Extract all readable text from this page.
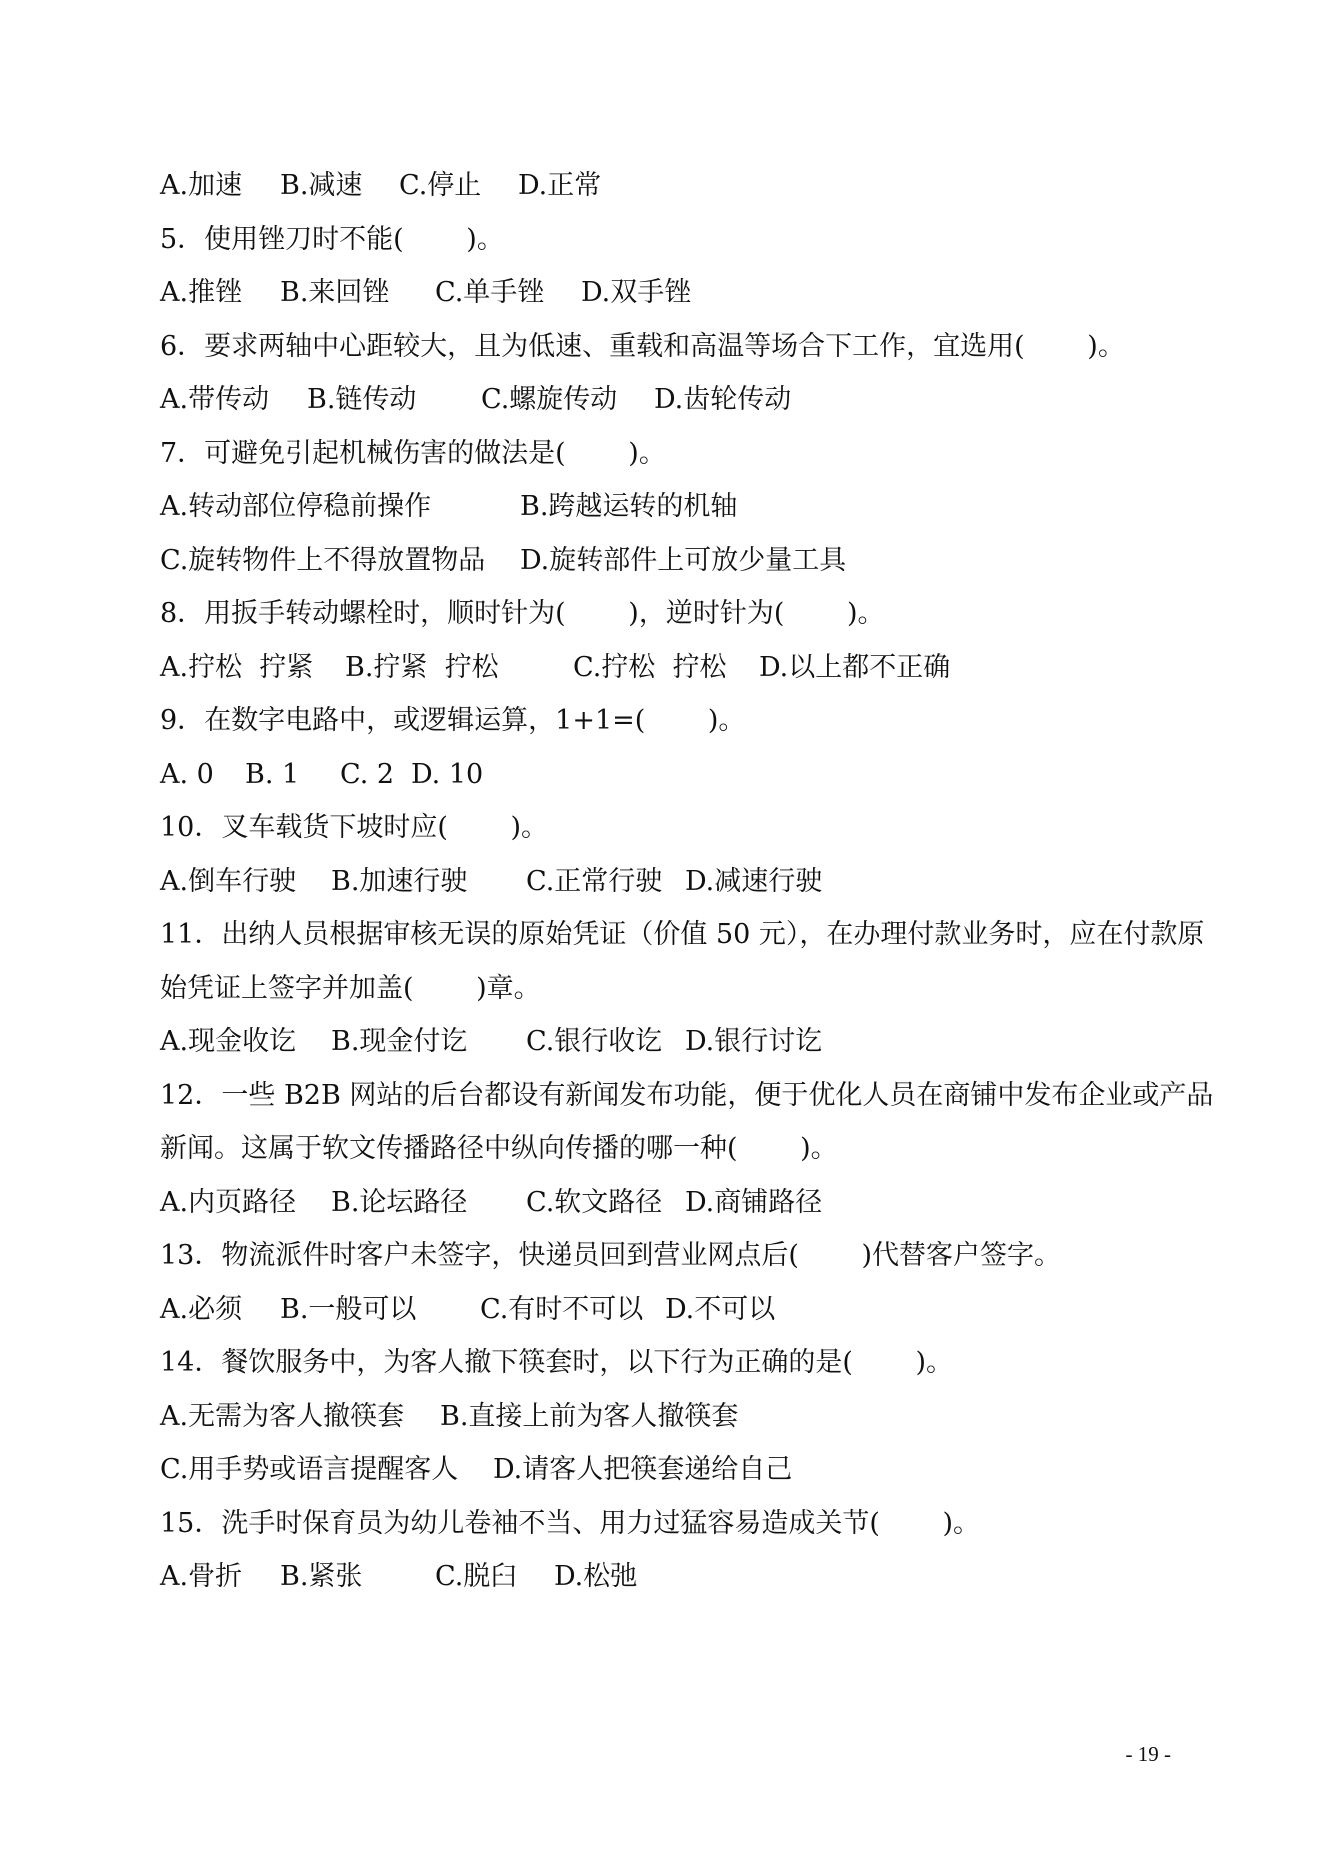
A.加速 B.减速 C.停止 D.正常
5．使用锉刀时不能(　　 )。
A.推锉 B.来回锉 C.单手锉 D.双手锉
6．要求两轴中心距较大，且为低速、重载和高温等场合下工作，宜选用(　　 )。
A.带传动 B.链传动 C.螺旋传动 D.齿轮传动
7．可避免引起机械伤害的做法是(　　 )。
A.转动部位停稳前操作	B.跨越运转的机轴
C.旋转物件上不得放置物品 D.旋转部件上可放少量工具
8．用扳手转动螺栓时，顺时针为(　　 )，逆时针为(　　 )。
A.拧松  拧紧 B.拧紧  拧松	C.拧松  拧松 D.以上都不正确
9．在数字电路中，或逻辑运算，1+1=(　　 )。
A. 0 B. 1 C. 2 D. 10
10．叉车载货下坡时应(　　 )。
A.倒车行驶 B.加速行驶 C.正常行驶 D.减速行驶
11．出纳人员根据审核无误的原始凭证（价值 50 元），在办理付款业务时，应在付款原
始凭证上签字并加盖(　　 )章。
A.现金收讫 B.现金付讫 C.银行收讫 D.银行讨讫
12．一些 B2B 网站的后台都设有新闻发布功能，便于优化人员在商铺中发布企业或产品
新闻。这属于软文传播路径中纵向传播的哪一种(　　 )。
A.内页路径 B.论坛路径 C.软文路径 D.商铺路径
13．物流派件时客户未签字，快递员回到营业网点后(　　 )代替客户签字。
A.必须 B.一般可以 C.有时不可以 D.不可以
14．餐饮服务中，为客人撤下筷套时，以下行为正确的是(　　 )。
A.无需为客人撤筷套 B.直接上前为客人撤筷套
C.用手势或语言提醒客人 D.请客人把筷套递给自己
15．洗手时保育员为幼儿卷袖不当、用力过猛容易造成关节(　　 )。
A.骨折 B.紧张	C.脱臼 D.松弛
- 19 -
